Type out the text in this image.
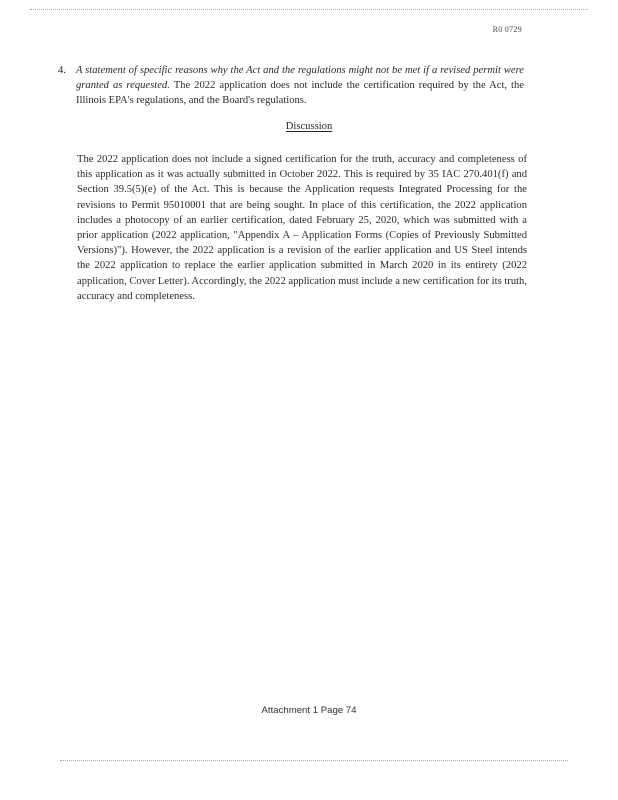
R0 0729
4. A statement of specific reasons why the Act and the regulations might not be met if a revised permit were granted as requested. The 2022 application does not include the certification required by the Act, the Illinois EPA's regulations, and the Board's regulations.
Discussion
The 2022 application does not include a signed certification for the truth, accuracy and completeness of this application as it was actually submitted in October 2022. This is required by 35 IAC 270.401(f) and Section 39.5(5)(e) of the Act. This is because the Application requests Integrated Processing for the revisions to Permit 95010001 that are being sought. In place of this certification, the 2022 application includes a photocopy of an earlier certification, dated February 25, 2020, which was submitted with a prior application (2022 application, "Appendix A – Application Forms (Copies of Previously Submitted Versions)"). However, the 2022 application is a revision of the earlier application and US Steel intends the 2022 application to replace the earlier application submitted in March 2020 in its entirety (2022 application, Cover Letter). Accordingly, the 2022 application must include a new certification for its truth, accuracy and completeness.
Attachment 1 Page 74
